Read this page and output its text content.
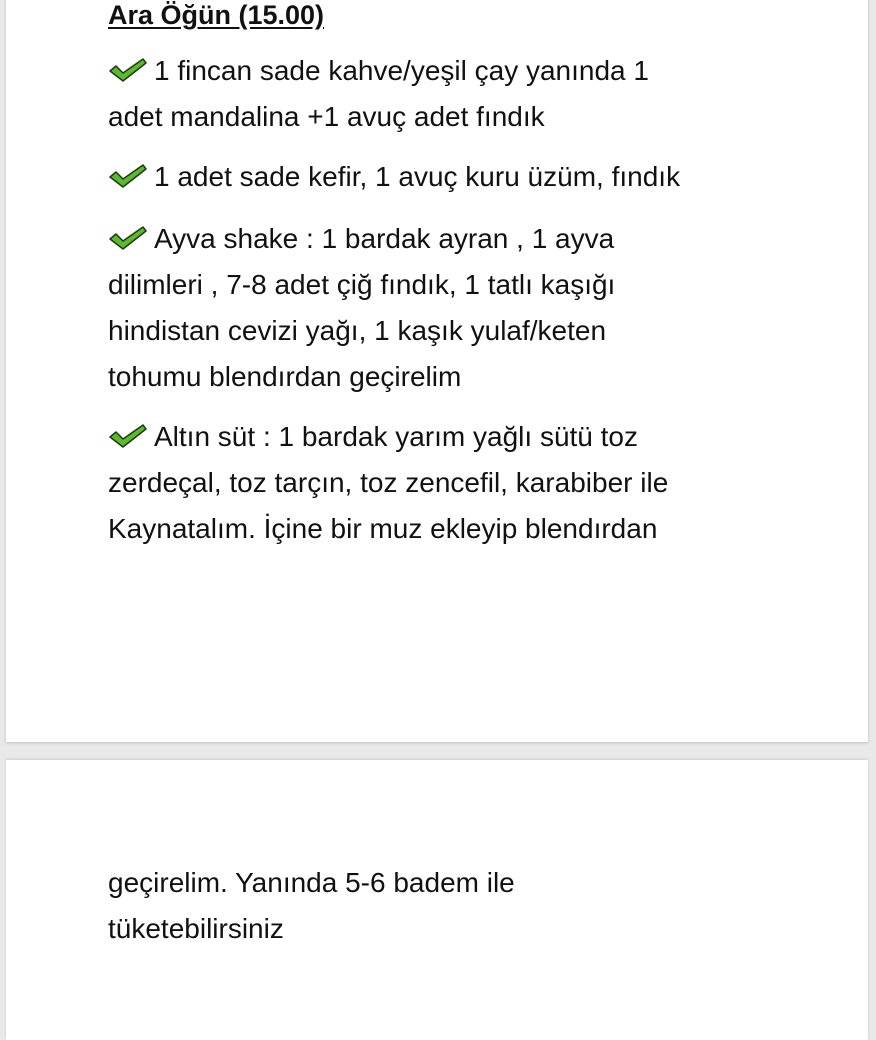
Ara Öğün (15.00)
1 fincan sade kahve/yeşil çay yanında 1
adet mandalina +1 avuç adet fındık
1 adet sade kefir, 1 avuç kuru üzüm, fındık
Ayva shake : 1 bardak ayran , 1 ayva
dilimleri , 7-8 adet çiğ fındık, 1 tatlı kaşığı
hindistan cevizi yağı, 1 kaşık yulaf/keten
tohumu blendırdan geçirelim
Altın süt : 1 bardak yarım yağlı sütü toz
zerdeçal, toz tarçın, toz zencefil, karabiber ile
Kaynatalım. İçine bir muz ekleyip blendırdan
geçirelim. Yanında 5-6 badem ile
tüketebilirsiniz
